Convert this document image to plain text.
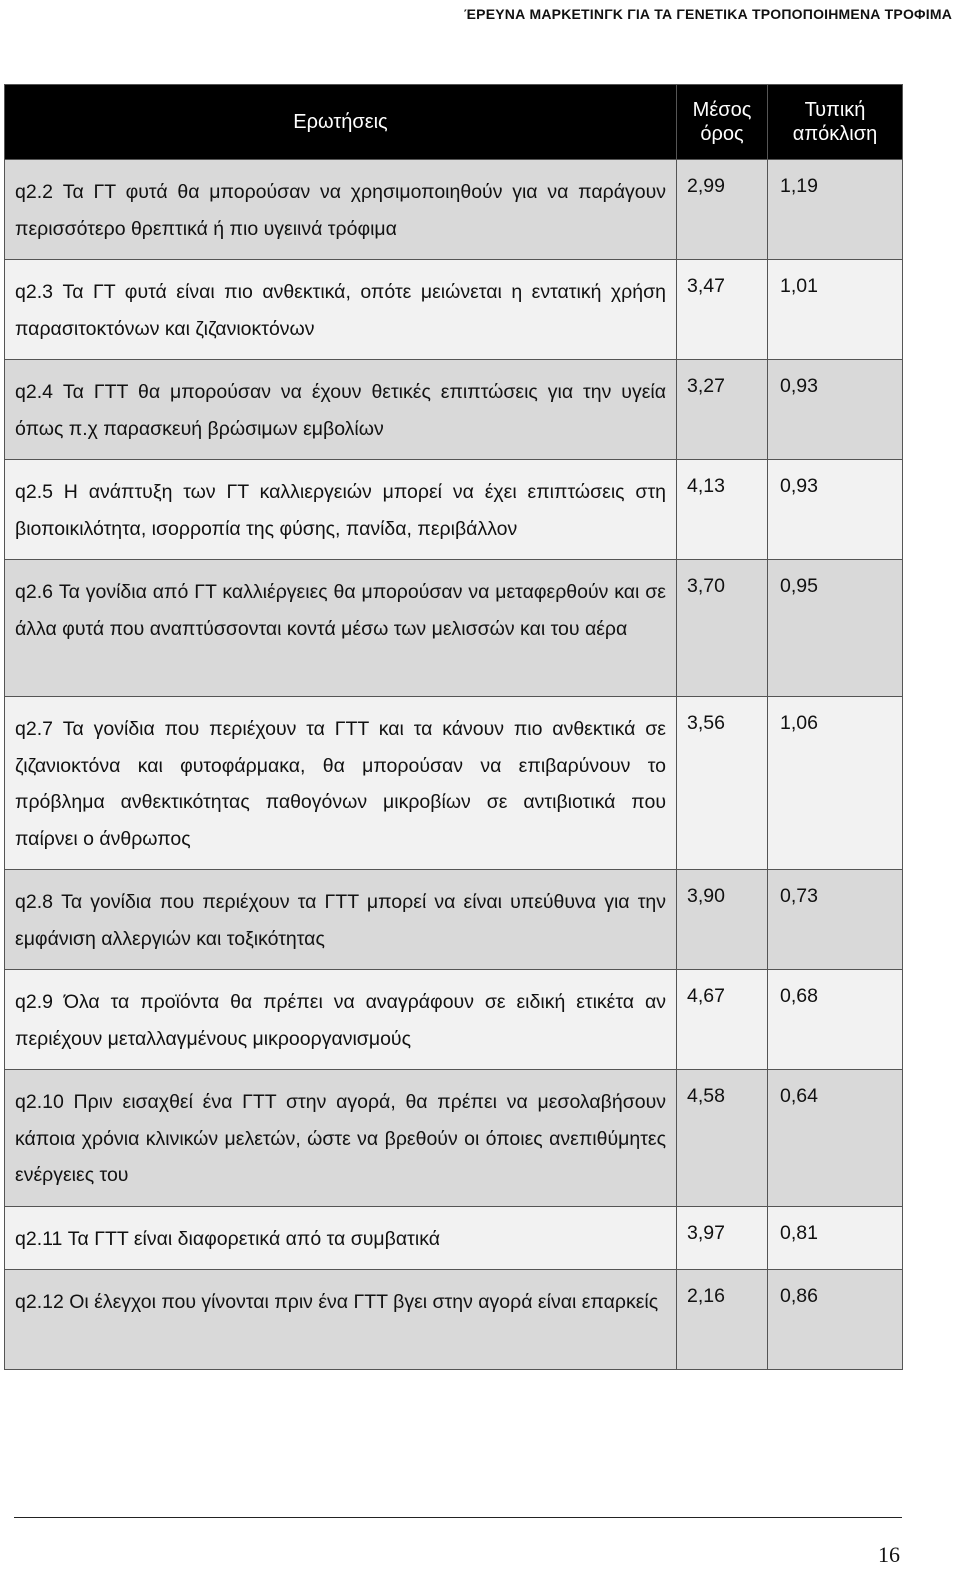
ΈΡΕΥΝΑ ΜΑΡΚΕΤΙΝΓΚ ΓΙΑ ΤΑ ΓΕΝΕΤΙΚΑ ΤΡΟΠΟΠΟΙΗΜΕΝΑ ΤΡΟΦΙΜΑ
Ερωτήσεις	Μέσος όρος	Τυπική απόκλιση
q2.2 Τα ΓΤ φυτά θα μπορούσαν να χρησιμοποιηθούν για να παράγουν περισσότερο θρεπτικά ή πιο υγειινά τρόφιμα	2,99	1,19
q2.3 Τα ΓΤ φυτά είναι πιο ανθεκτικά, οπότε μειώνεται η εντατική χρήση παρασιτοκτόνων και ζιζανιοκτόνων	3,47	1,01
q2.4 Τα ΓΤΤ θα μπορούσαν να έχουν θετικές επιπτώσεις για την υγεία όπως π.χ παρασκευή βρώσιμων εμβολίων	3,27	0,93
q2.5 Η ανάπτυξη των ΓΤ καλλιεργειών μπορεί να έχει επιπτώσεις στη βιοποικιλότητα, ισορροπία της φύσης, πανίδα, περιβάλλον	4,13	0,93
q2.6 Τα γονίδια από ΓΤ καλλιέργειες θα μπορούσαν να μεταφερθούν και σε άλλα φυτά που αναπτύσσονται κοντά μέσω των μελισσών και του αέρα	3,70	0,95
q2.7 Τα γονίδια που περιέχουν τα ΓΤΤ και τα κάνουν πιο ανθεκτικά σε ζιζανιοκτόνα και φυτοφάρμακα, θα μπορούσαν να επιβαρύνουν το πρόβλημα ανθεκτικότητας παθογόνων μικροβίων σε αντιβιοτικά που παίρνει ο άνθρωπος	3,56	1,06
q2.8 Τα γονίδια που περιέχουν τα ΓΤΤ μπορεί να είναι υπεύθυνα για την εμφάνιση αλλεργιών και τοξικότητας	3,90	0,73
q2.9 Όλα τα προϊόντα θα πρέπει να αναγράφουν σε ειδική ετικέτα αν περιέχουν μεταλλαγμένους μικροοργανισμούς	4,67	0,68
q2.10 Πριν εισαχθεί ένα ΓΤΤ στην αγορά, θα πρέπει να μεσολαβήσουν κάποια χρόνια κλινικών μελετών, ώστε να βρεθούν οι όποιες ανεπιθύμητες ενέργειες του	4,58	0,64
q2.11 Τα ΓΤΤ είναι διαφορετικά από τα συμβατικά	3,97	0,81
q2.12 Οι έλεγχοι που γίνονται πριν ένα ΓΤΤ βγει στην αγορά είναι επαρκείς	2,16	0,86
16
